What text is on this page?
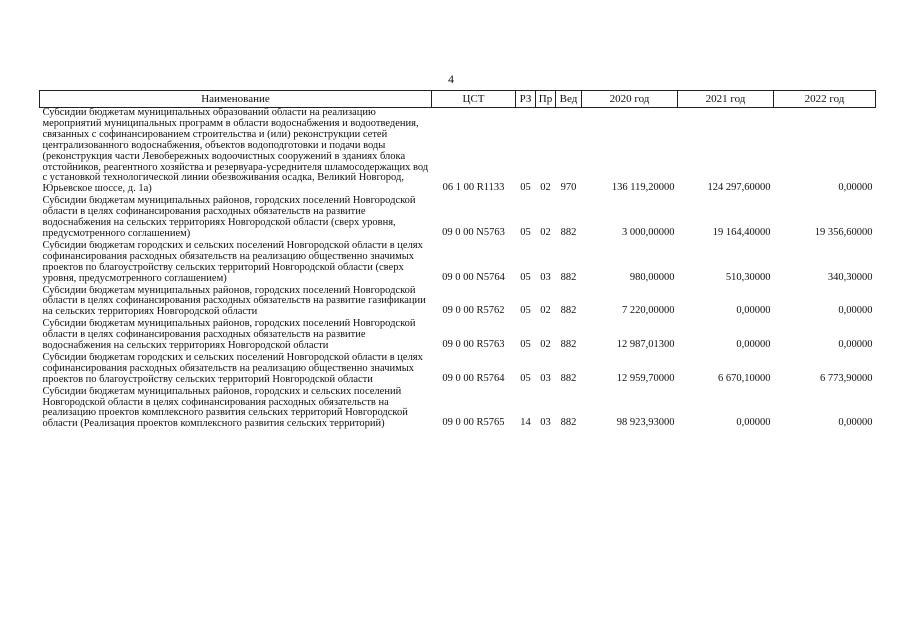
4
Наименование	ЦСТ	РЗ	Пр	Вед	2020 год	2021 год	2022 год
Субсидии бюджетам муниципальных образований области на реализацию мероприятий муниципальных программ в области водоснабжения и водоотведения, связанных с софинансированием строительства и (или) реконструкции сетей централизованного водоснабжения, объектов водоподготовки и подачи воды (реконструкция части Левобережных водоочистных сооружений в зданиях блока отстойников, реагентного хозяйства и резервуара-усреднителя шламосодержащих вод с установкой технологической линии обезвоживания осадка, Великий Новгород, Юрьевское шоссе, д. 1а)	06 1 00 R1133	05	02	970	136 119,20000	124 297,60000	0,00000
Субсидии бюджетам муниципальных районов, городских поселений Новгородской области в целях софинансирования расходных обязательств на развитие водоснабжения на сельских территориях Новгородской области (сверх уровня, предусмотренного соглашением)	09 0 00 N5763	05	02	882	3 000,00000	19 164,40000	19 356,60000
Субсидии бюджетам городских и сельских поселений Новгородской области в целях софинансирования расходных обязательств на реализацию общественно значимых проектов по благоустройству сельских территорий Новгородской области (сверх уровня, предусмотренного соглашением)	09 0 00 N5764	05	03	882	980,00000	510,30000	340,30000
Субсидии бюджетам муниципальных районов, городских поселений Новгородской области в целях софинансирования расходных обязательств на развитие газификации на сельских территориях Новгородской области	09 0 00 R5762	05	02	882	7 220,00000	0,00000	0,00000
Субсидии бюджетам муниципальных районов, городских поселений Новгородской области в целях софинансирования расходных обязательств на развитие водоснабжения на сельских территориях Новгородской области	09 0 00 R5763	05	02	882	12 987,01300	0,00000	0,00000
Субсидии бюджетам городских и сельских поселений Новгородской области в целях софинансирования расходных обязательств на реализацию общественно значимых проектов по благоустройству сельских территорий Новгородской области	09 0 00 R5764	05	03	882	12 959,70000	6 670,10000	6 773,90000
Субсидии бюджетам муниципальных районов, городских и сельских поселений Новгородской области в целях софинансирования расходных обязательств на реализацию проектов комплексного развития сельских территорий Новгородской области (Реализация проектов комплексного развития сельских территорий)	09 0 00 R5765	14	03	882	98 923,93000	0,00000	0,00000
